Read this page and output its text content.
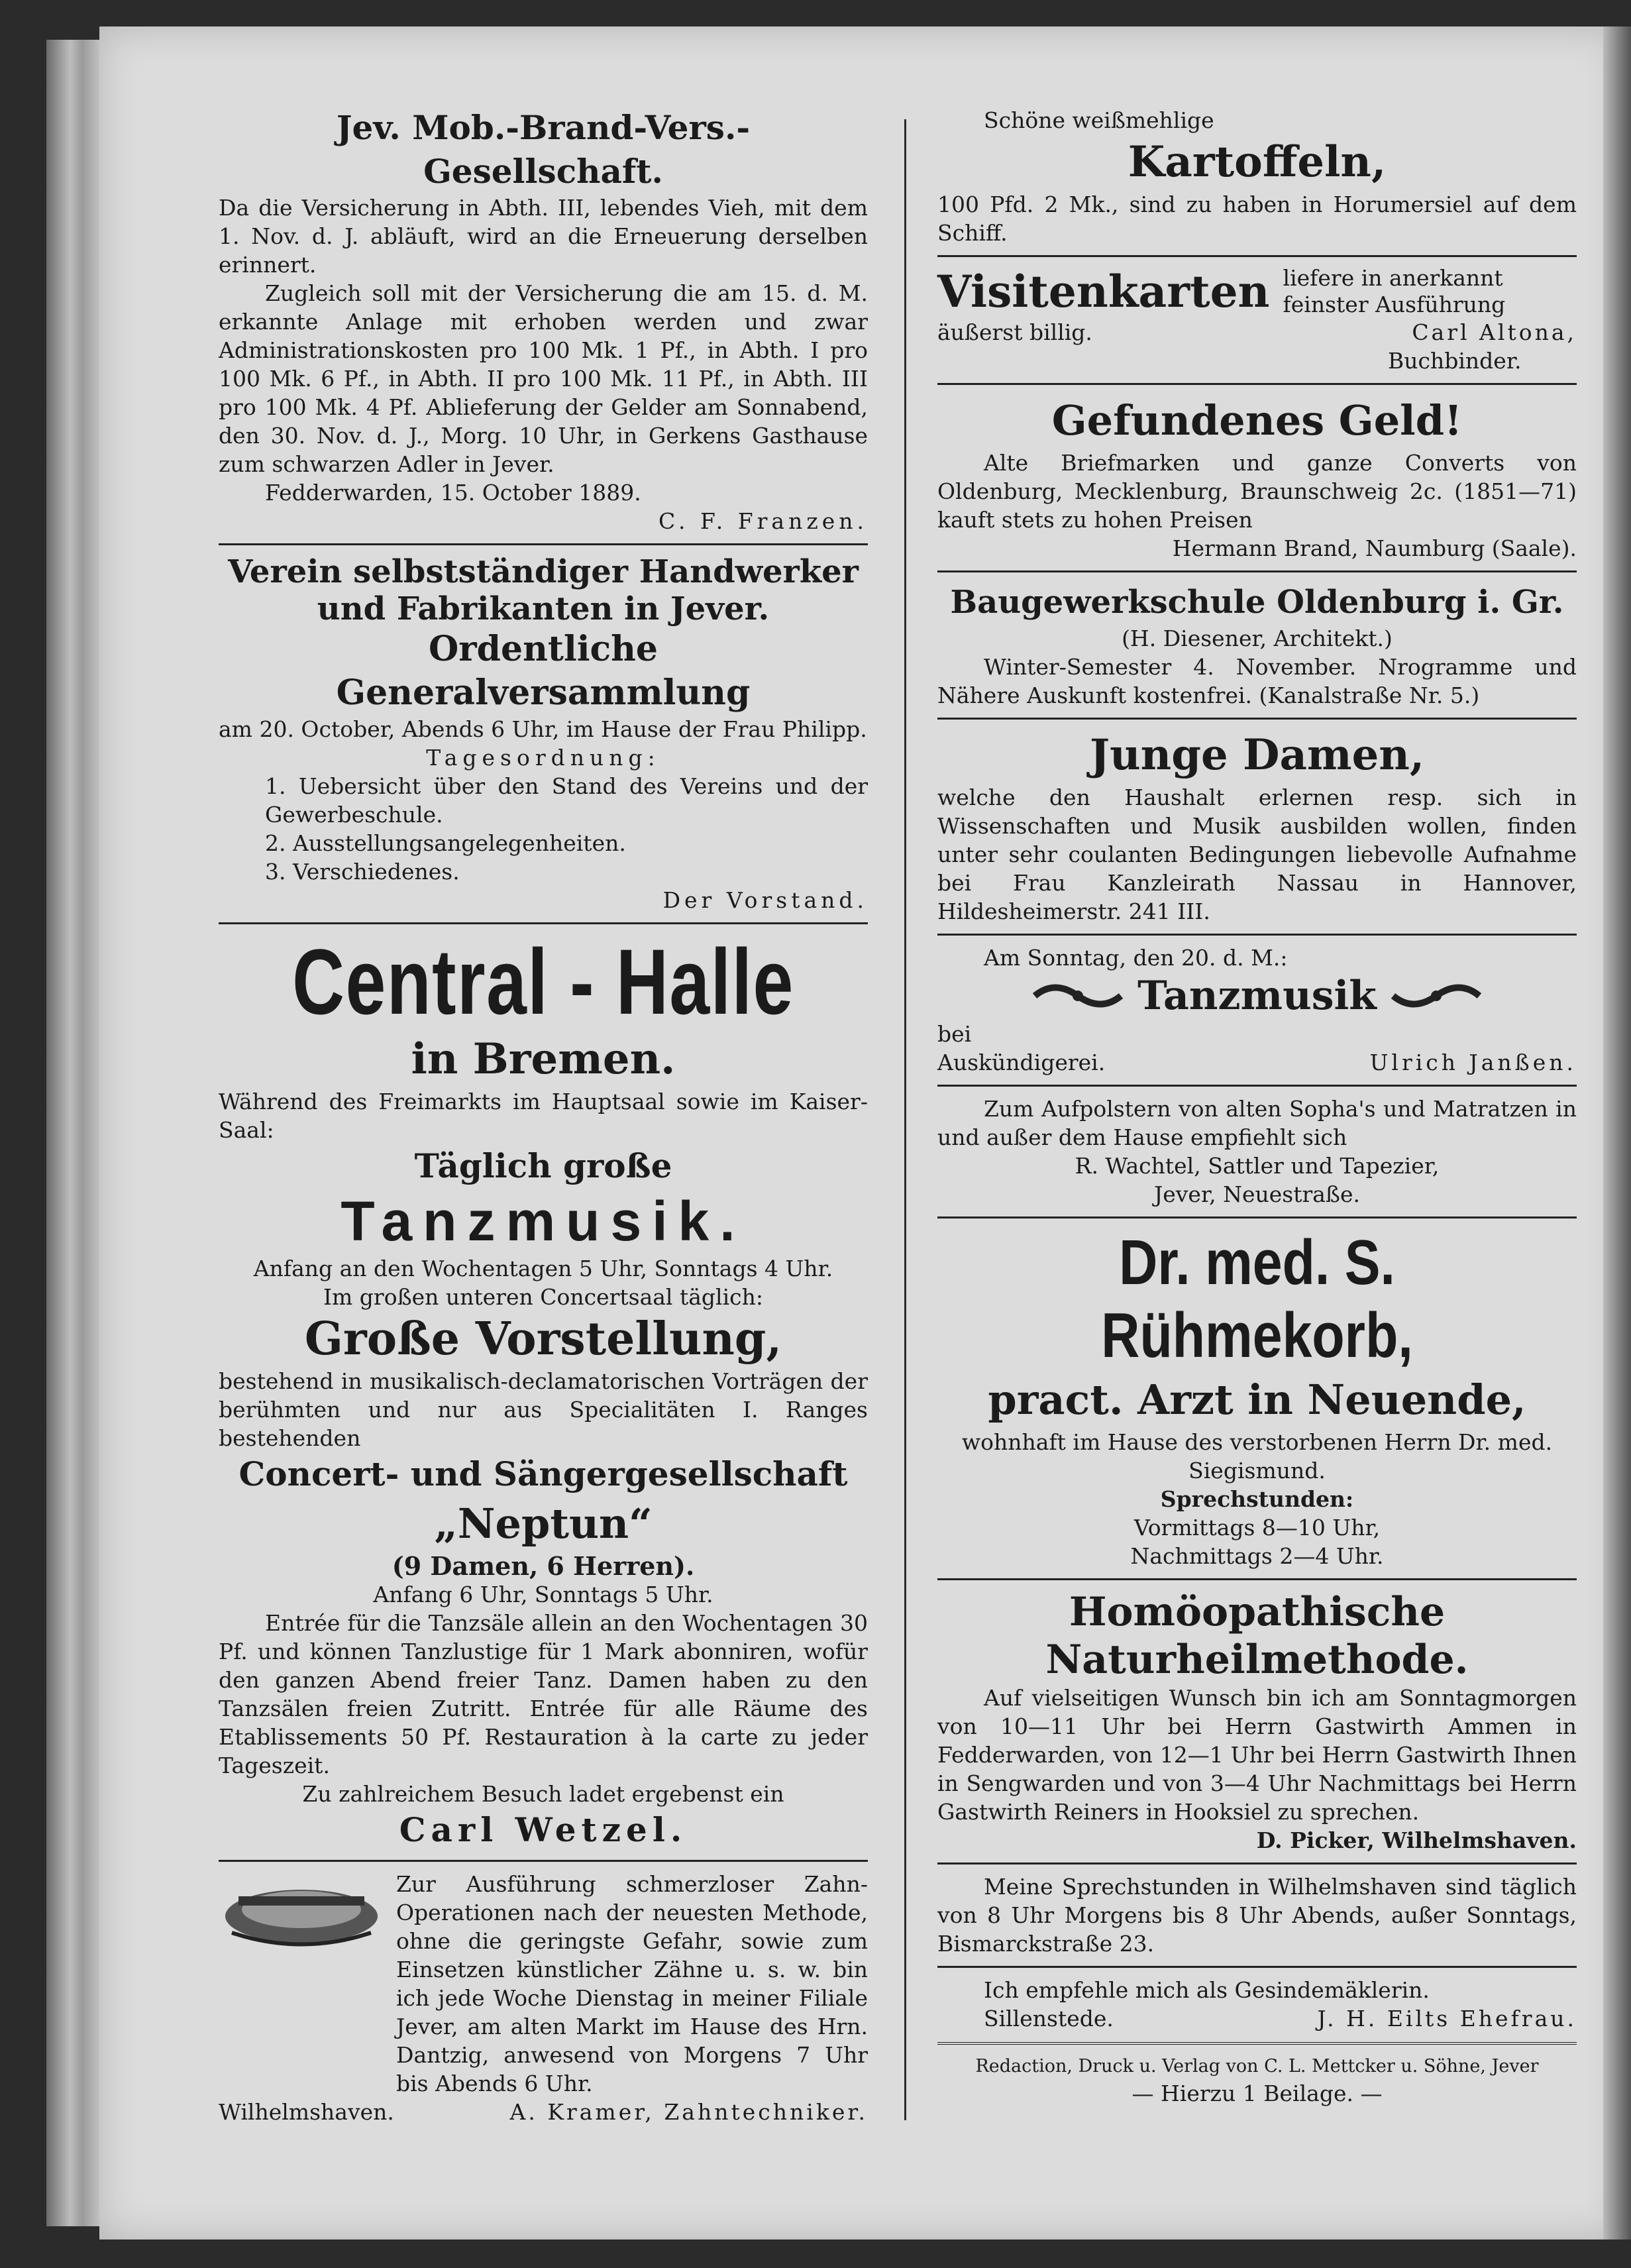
Jev. Mob.-Brand-Vers.-Gesellschaft.

Da die Versicherung in Abth. III, lebendes Vieh, mit dem 1. Nov. d. J. abläuft, wird an die Erneuerung derselben erinnert.

Zugleich soll mit der Versicherung die am 15. d. M. erkannte Anlage mit erhoben werden und zwar Administrationskosten pro 100 Mk. 1 Pf., in Abth. I pro 100 Mk. 6 Pf., in Abth. II pro 100 Mk. 11 Pf., in Abth. III pro 100 Mk. 4 Pf. Ablieferung der Gelder am Sonnabend, den 30. Nov. d. J., Morg. 10 Uhr, in Gerkens Gasthause zum schwarzen Adler in Jever.

Fedderwarden, 15. October 1889.

C. F. Franzen.

Verein selbstständiger Handwerker und Fabrikanten in Jever.

Ordentliche Generalversammlung

am 20. October, Abends 6 Uhr, im Hause der Frau Philipp.

Tagesordnung:

1. Uebersicht über den Stand des Vereins und der Gewerbeschule.

2. Ausstellungsangelegenheiten.

3. Verschiedenes.

Der Vorstand.

Central - Halle

in Bremen.

Während des Freimarkts im Hauptsaal sowie im Kaiser-Saal:

Täglich große

Tanzmusik.

Anfang an den Wochentagen 5 Uhr, Sonntags 4 Uhr.

Im großen unteren Concertsaal täglich:

Große Vorstellung,

bestehend in musikalisch-declamatorischen Vorträgen der berühmten und nur aus Specialitäten I. Ranges bestehenden

Concert- und Sängergesellschaft

„Neptun“

(9 Damen, 6 Herren).

Anfang 6 Uhr, Sonntags 5 Uhr.

Entrée für die Tanzsäle allein an den Wochentagen 30 Pf. und können Tanzlustige für 1 Mark abonniren, wofür den ganzen Abend freier Tanz. Damen haben zu den Tanzsälen freien Zutritt. Entrée für alle Räume des Etablissements 50 Pf. Restauration à la carte zu jeder Tageszeit.

Zu zahlreichem Besuch ladet ergebenst ein

Carl Wetzel.

Zur Ausführung schmerzloser Zahn-Operationen nach der neuesten Methode, ohne die geringste Gefahr, sowie zum Einsetzen künstlicher Zähne u. s. w. bin ich jede Woche Dienstag in meiner Filiale Jever, am alten Markt im Hause des Hrn. Dantzig, anwesend von Morgens 7 Uhr bis Abends 6 Uhr.

Wilhelmshaven.	A. Kramer, Zahntechniker.

Schöne weißmehlige

Kartoffeln,

100 Pfd. 2 Mk., sind zu haben in Horumersiel auf dem Schiff.

Visitenkarten liefere in anerkannt

feinster Ausführung

äußerst billig.	Carl Altona,

Buchbinder.

Gefundenes Geld!

Alte Briefmarken und ganze Converts von Oldenburg, Mecklenburg, Braunschweig 2c. (1851—71) kauft stets zu hohen Preisen

Hermann Brand, Naumburg (Saale).

Baugewerkschule Oldenburg i. Gr.

(H. Diesener, Architekt.)

Winter-Semester 4. November. Nrogramme und Nähere Auskunft kostenfrei. (Kanalstraße Nr. 5.)

Junge Damen,

welche den Haushalt erlernen resp. sich in Wissenschaften und Musik ausbilden wollen, finden unter sehr coulanten Bedingungen liebevolle Aufnahme bei Frau Kanzleirath Nassau in Hannover, Hildesheimerstr. 241 III.

Am Sonntag, den 20. d. M.:

Tanzmusik

bei

Auskündigerei.	Ulrich Janßen.

Zum Aufpolstern von alten Sopha's und Matratzen in und außer dem Hause empfiehlt sich

R. Wachtel, Sattler und Tapezier,

Jever, Neuestraße.

Dr. med. S. Rühmekorb,

pract. Arzt in Neuende,

wohnhaft im Hause des verstorbenen Herrn Dr. med. Siegismund.

Sprechstunden:

Vormittags 8—10 Uhr,

Nachmittags 2—4 Uhr.

Homöopathische

Naturheilmethode.

Auf vielseitigen Wunsch bin ich am Sonntagmorgen von 10—11 Uhr bei Herrn Gastwirth Ammen in Fedderwarden, von 12—1 Uhr bei Herrn Gastwirth Ihnen in Sengwarden und von 3—4 Uhr Nachmittags bei Herrn Gastwirth Reiners in Hooksiel zu sprechen.

D. Picker, Wilhelmshaven.

Meine Sprechstunden in Wilhelmshaven sind täglich von 8 Uhr Morgens bis 8 Uhr Abends, außer Sonntags, Bismarckstraße 23.

Ich empfehle mich als Gesindemäklerin.

Sillenstede.	J. H. Eilts Ehefrau.

Redaction, Druck u. Verlag von C. L. Mettcker u. Söhne, Jever

— Hierzu 1 Beilage. —
